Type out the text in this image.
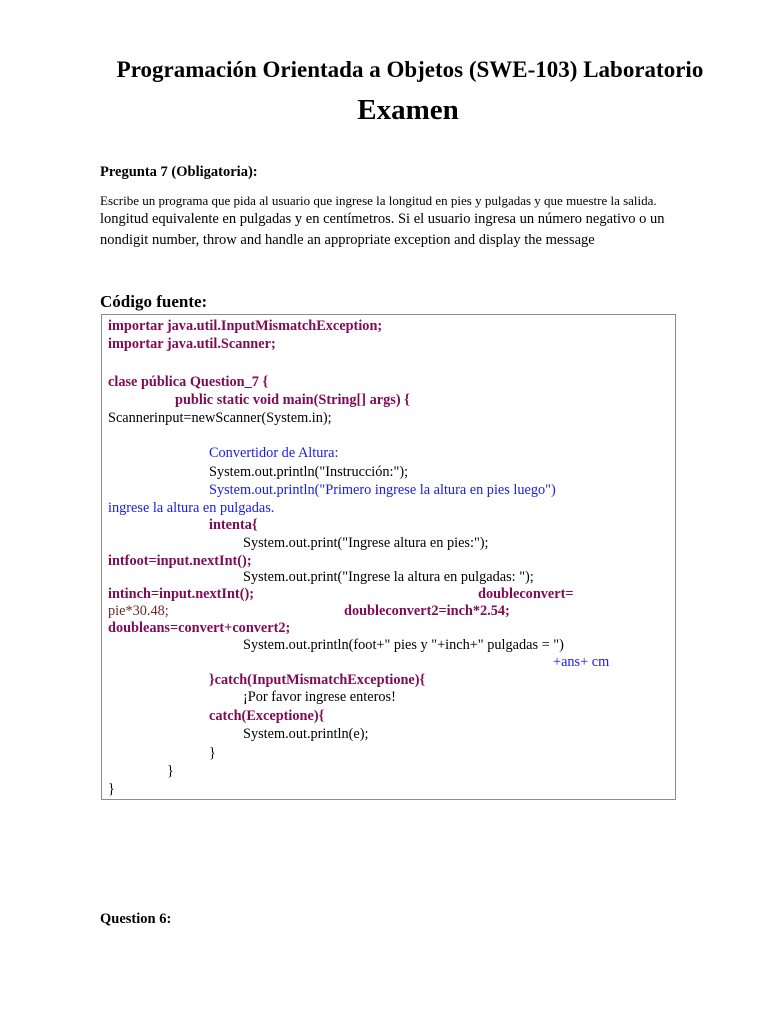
Programación Orientada a Objetos (SWE-103) Laboratorio
Examen
Pregunta 7 (Obligatoria):
Escribe un programa que pida al usuario que ingrese la longitud en pies y pulgadas y que muestre la salida.
longitud equivalente en pulgadas y en centímetros. Si el usuario ingresa un número negativo o un
nondigit number, throw and handle an appropriate exception and display the message
Código fuente:
importar java.util.InputMismatchException;
importar java.util.Scanner;
clase pública Question_7 {
public static void main(String[] args) {
Scannerinput=newScanner(System.in);
Convertidor de Altura:
System.out.println("Instrucción:");
System.out.println("Primero ingrese la altura en pies luego")
ingrese la altura en pulgadas.
intenta{
System.out.print("Ingrese altura en pies:");
intfoot=input.nextInt();
System.out.print("Ingrese la altura en pulgadas: ");
intinch=input.nextInt();	doubleconvert=
pie*30.48;	doubleconvert2=inch*2.54;
doubleans=convert+convert2;
System.out.println(foot+" pies y "+inch+" pulgadas = ")
+ans+ cm
}catch(InputMismatchExceptione){
¡Por favor ingrese enteros!
catch(Exceptione){
System.out.println(e);
}
}
}
Question 6:
